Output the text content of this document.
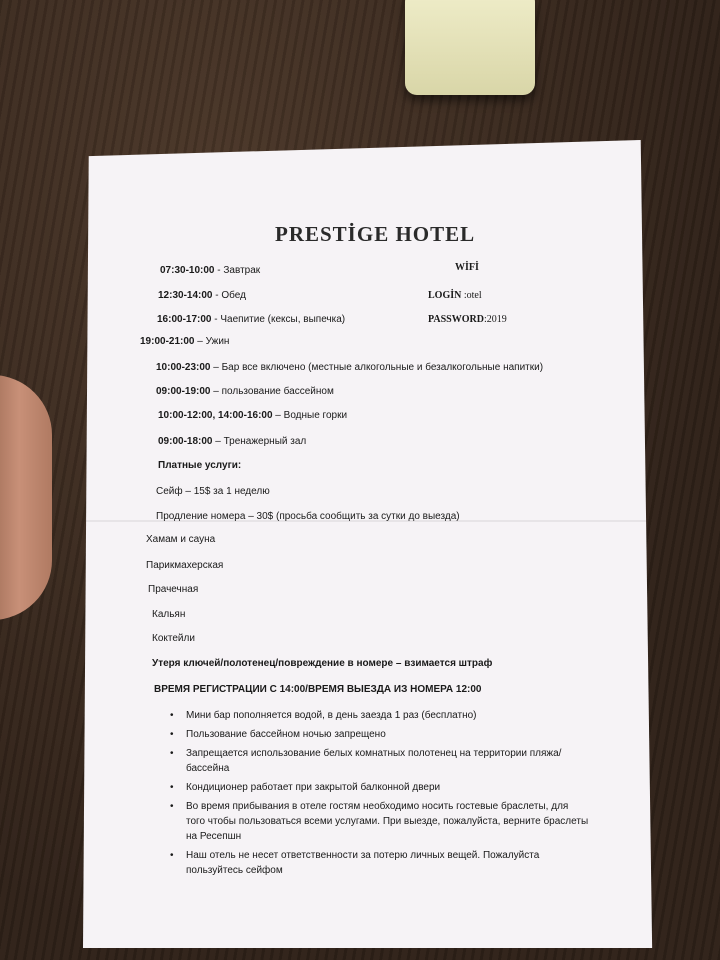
PRESTİGE HOTEL
07:30-10:00 - Завтрак
12:30-14:00 - Обед
16:00-17:00 - Чаепитие (кексы, выпечка)
19:00-21:00 – Ужин
10:00-23:00 – Бар все включено (местные алкогольные и безалкогольные напитки)
09:00-19:00 – пользование бассейном
10:00-12:00, 14:00-16:00 – Водные горки
09:00-18:00 – Тренажерный зал
WİFİ
LOGİN :otel
PASSWORD:2019
Платные услуги:
Сейф – 15$ за 1 неделю
Продление номера – 30$ (просьба сообщить за сутки до выезда)
Хамам и сауна
Парикмахерская
Прачечная
Кальян
Коктейли
Утеря ключей/полотенец/повреждение в номере – взимается штраф
ВРЕМЯ РЕГИСТРАЦИИ С 14:00/ВРЕМЯ ВЫЕЗДА ИЗ НОМЕРА 12:00
• Мини бар пополняется водой, в день заезда 1 раз (бесплатно)
• Пользование бассейном ночью запрещено
• Запрещается использование белых комнатных полотенец на территории пляжа/бассейна
• Кондиционер работает при закрытой балконной двери
• Во время прибывания в отеле гостям необходимо носить гостевые браслеты, для того чтобы пользоваться всеми услугами. При выезде, пожалуйста, верните браслеты на Ресепшн
• Наш отель не несет ответственности за потерю личных вещей. Пожалуйста пользуйтесь сейфом
